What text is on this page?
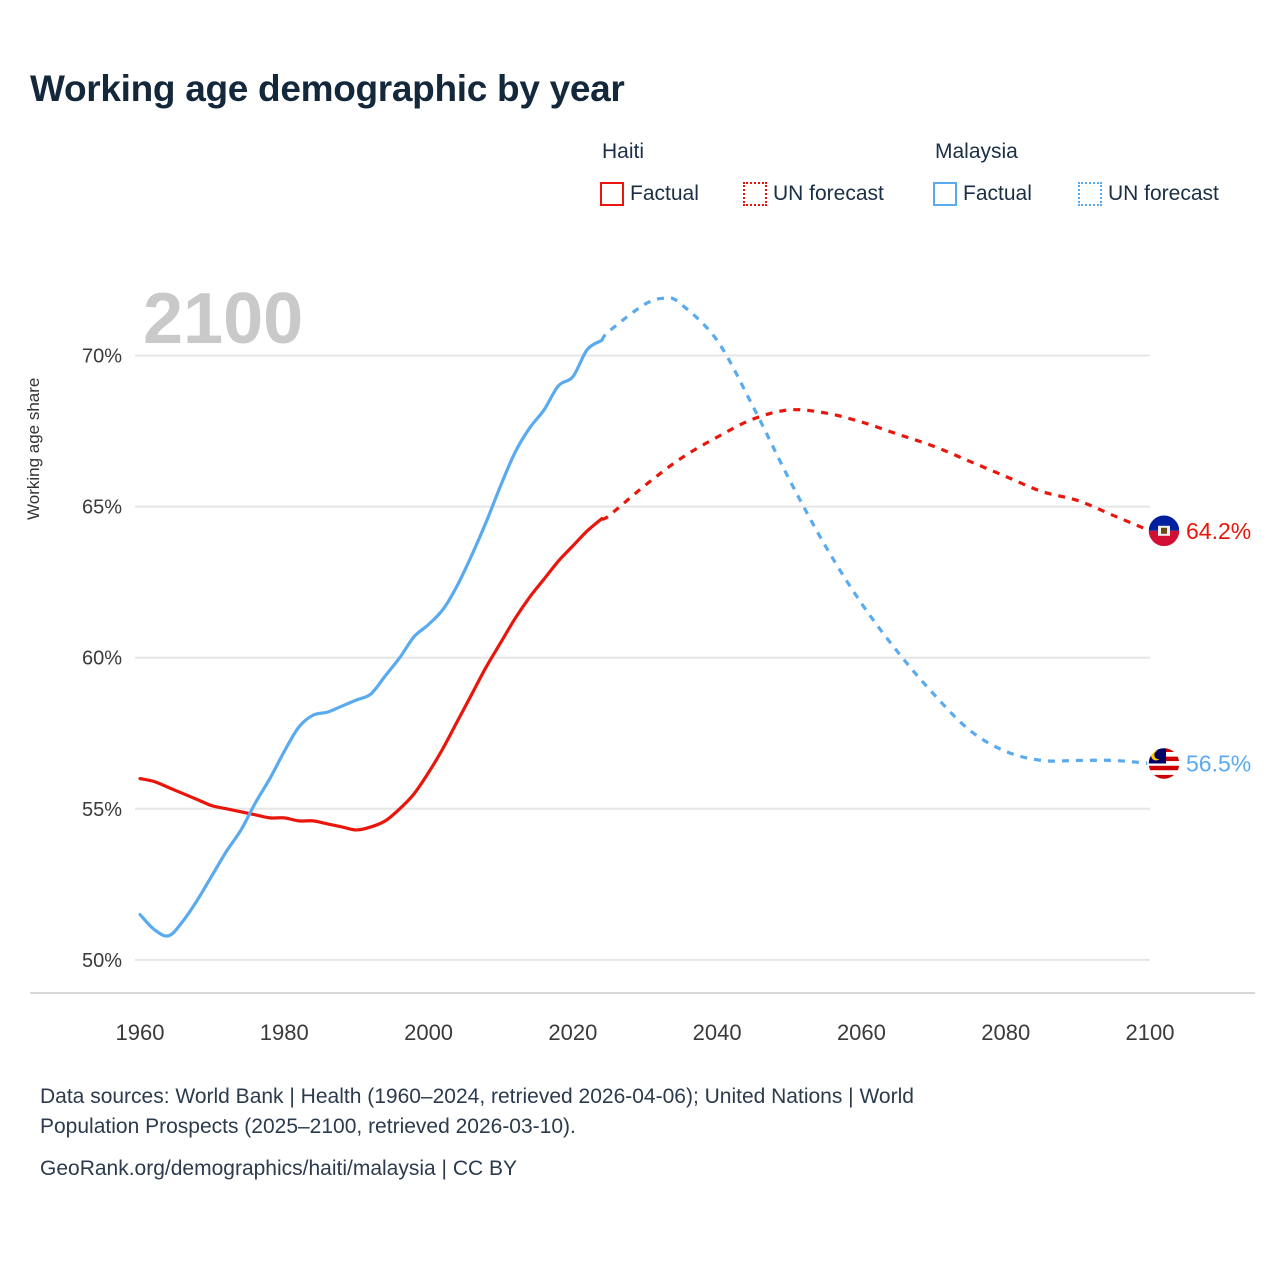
Working age demographic by year
Haiti	Malaysia
Factual	UN forecast	Factual	UN forecast
2100
Working age share
50%
55%
60%
65%
70%
1960	1980	2000	2020	2040	2060	2080	2100
64.2%
56.5%
Data sources: World Bank | Health (1960–2024, retrieved 2026-04-06); United Nations | World
Population Prospects (2025–2100, retrieved 2026-03-10).
GeoRank.org/demographics/haiti/malaysia | CC BY
